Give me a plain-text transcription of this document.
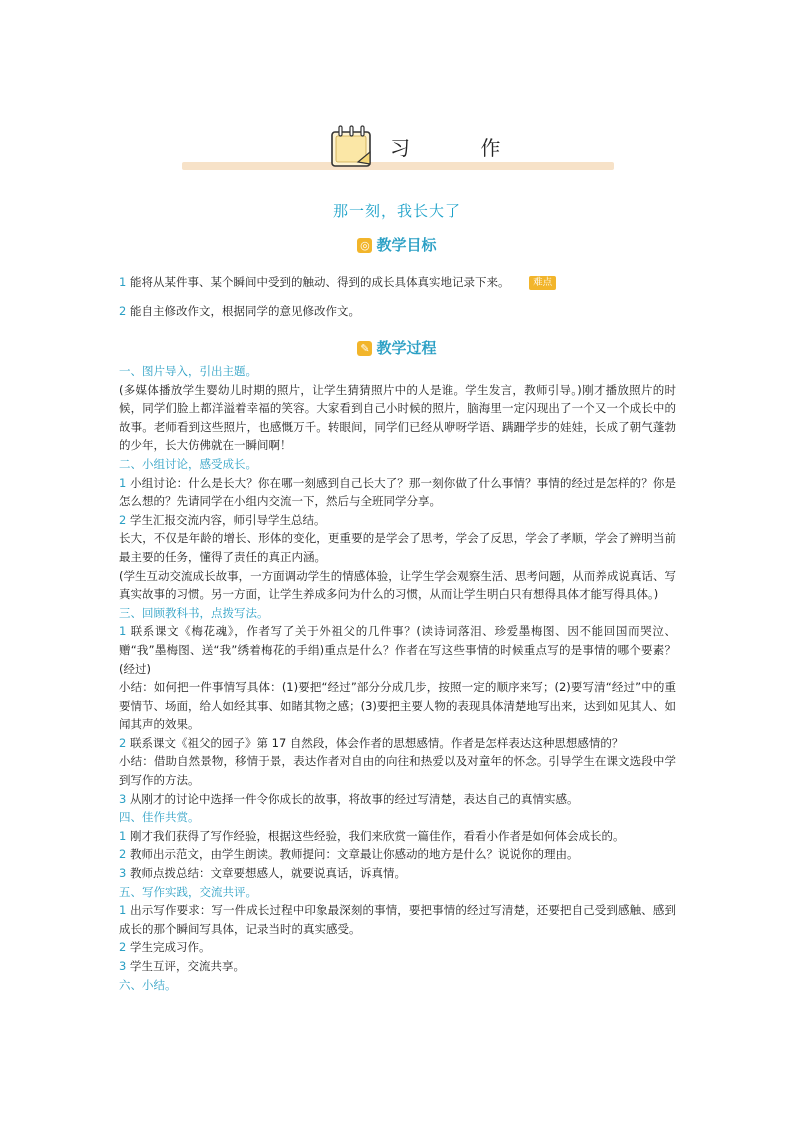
习 作
那一刻，我长大了
◎ 教学目标
1 能将从某件事、某个瞬间中受到的触动、得到的成长具体真实地记录下来。 难点
2 能自主修改作文，根据同学的意见修改作文。
✎ 教学过程

一、图片导入，引出主题。

(多媒体播放学生婴幼儿时期的照片，让学生猜猜照片中的人是谁。学生发言，教师引导。)刚才播放照片的时候，同学们脸上都洋溢着幸福的笑容。大家看到自己小时候的照片，脑海里一定闪现出了一个又一个成长中的故事。老师看到这些照片，也感慨万千。转眼间，同学们已经从咿呀学语、蹒跚学步的娃娃，长成了朝气蓬勃的少年，长大仿佛就在一瞬间啊！

二、小组讨论，感受成长。

1 小组讨论：什么是长大？你在哪一刻感到自己长大了？那一刻你做了什么事情？事情的经过是怎样的？你是怎么想的？先请同学在小组内交流一下，然后与全班同学分享。

2 学生汇报交流内容，师引导学生总结。

长大，不仅是年龄的增长、形体的变化，更重要的是学会了思考，学会了反思，学会了孝顺，学会了辨明当前最主要的任务，懂得了责任的真正内涵。

(学生互动交流成长故事，一方面调动学生的情感体验，让学生学会观察生活、思考问题，从而养成说真话、写真实故事的习惯。另一方面，让学生养成多问为什么的习惯，从而让学生明白只有想得具体才能写得具体。)

三、回顾教科书，点拨写法。

1 联系课文《梅花魂》，作者写了关于外祖父的几件事？(读诗词落泪、珍爱墨梅图、因不能回国而哭泣、赠“我”墨梅图、送“我”绣着梅花的手绢)重点是什么？作者在写这些事情的时候重点写的是事情的哪个要素？(经过)

小结：如何把一件事情写具体：(1)要把“经过”部分分成几步，按照一定的顺序来写；(2)要写清“经过”中的重要情节、场面，给人如经其事、如睹其物之感；(3)要把主要人物的表现具体清楚地写出来，达到如见其人、如闻其声的效果。

2 联系课文《祖父的园子》第 17 自然段，体会作者的思想感情。作者是怎样表达这种思想感情的？

小结：借助自然景物，移情于景，表达作者对自由的向往和热爱以及对童年的怀念。引导学生在课文选段中学到写作的方法。

3 从刚才的讨论中选择一件令你成长的故事，将故事的经过写清楚，表达自己的真情实感。

四、佳作共赏。

1 刚才我们获得了写作经验，根据这些经验，我们来欣赏一篇佳作，看看小作者是如何体会成长的。

2 教师出示范文，由学生朗读。教师提问：文章最让你感动的地方是什么？说说你的理由。

3 教师点拨总结：文章要想感人，就要说真话，诉真情。

五、写作实践，交流共评。

1 出示写作要求：写一件成长过程中印象最深刻的事情，要把事情的经过写清楚，还要把自己受到感触、感到成长的那个瞬间写具体，记录当时的真实感受。

2 学生完成习作。

3 学生互评，交流共享。

六、小结。
